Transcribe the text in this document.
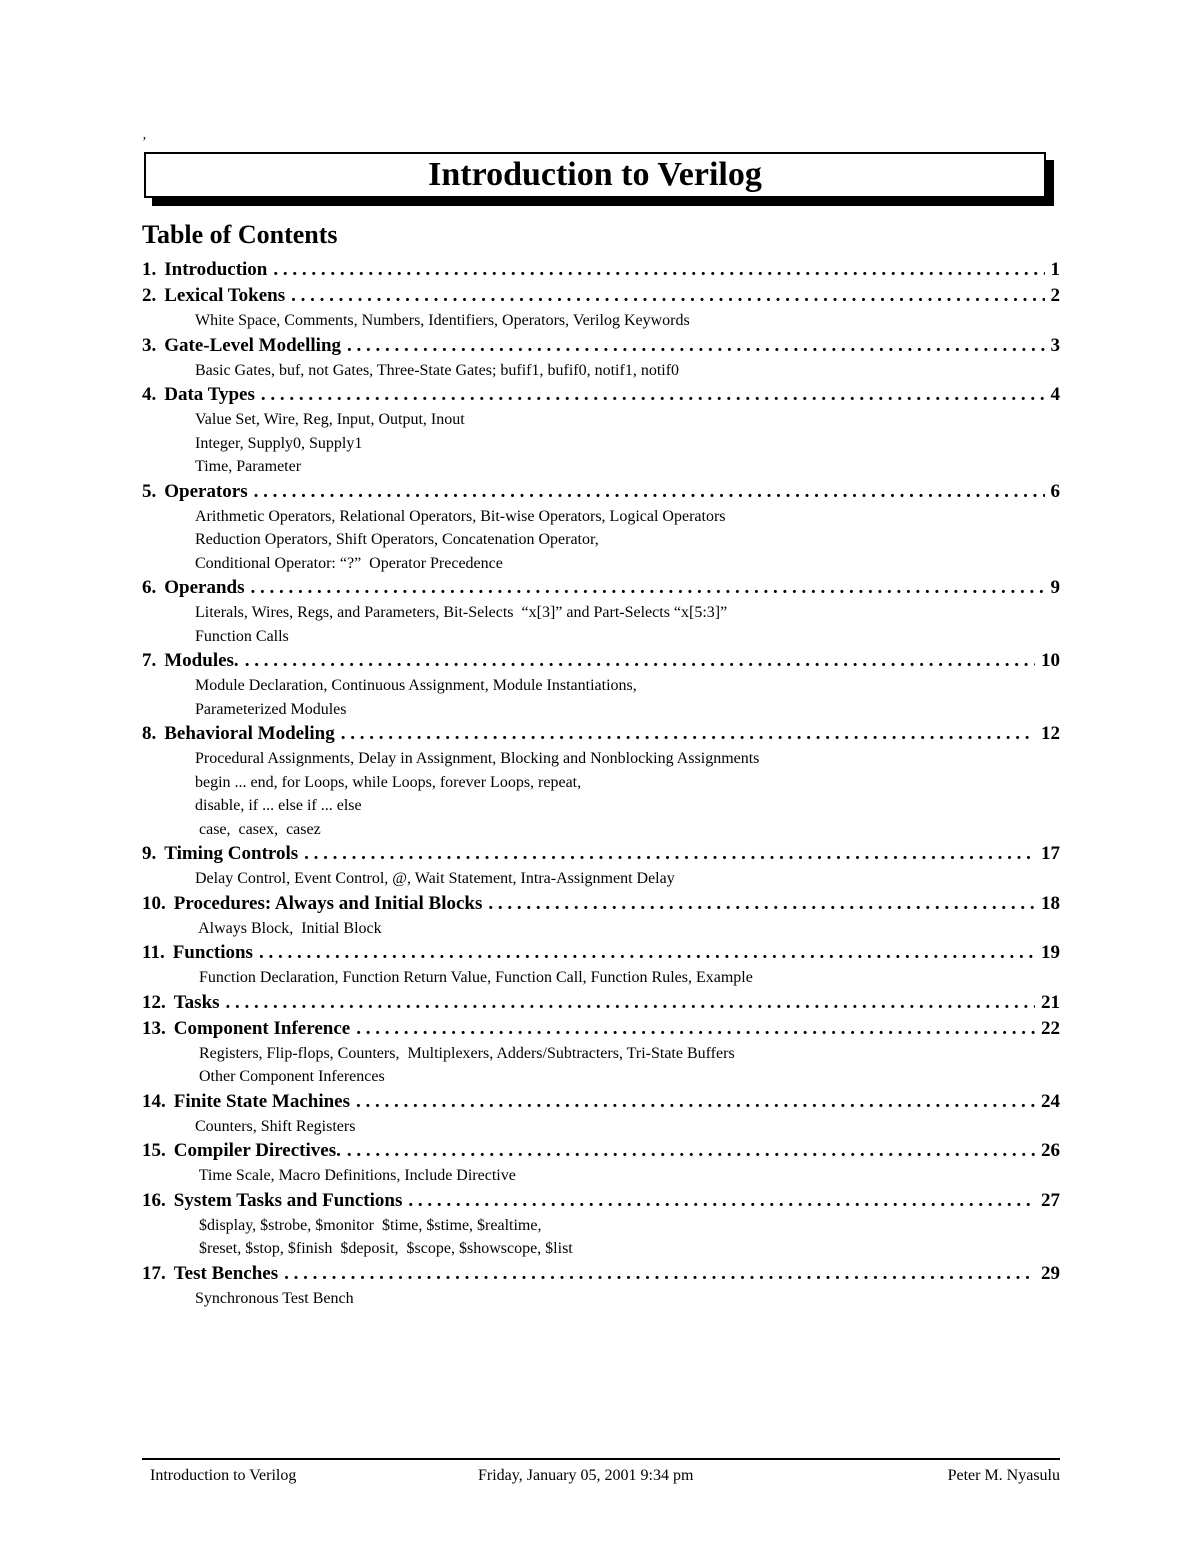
ʼ
Introduction to Verilog
Table of Contents
1. Introduction . . .	1
2. Lexical Tokens . . .	2
White Space, Comments, Numbers, Identifiers, Operators, Verilog Keywords
3. Gate-Level Modelling . . .	3
Basic Gates, buf, not Gates, Three-State Gates; bufif1, bufif0, notif1, notif0
4. Data Types . . .	4
Value Set, Wire, Reg, Input, Output, Inout
Integer, Supply0, Supply1
Time, Parameter
5. Operators . . .	6
Arithmetic Operators, Relational Operators, Bit-wise Operators, Logical Operators
Reduction Operators, Shift Operators, Concatenation Operator,
Conditional Operator: “?”  Operator Precedence
6. Operands . . .	9
Literals, Wires, Regs, and Parameters, Bit-Selects  “x[3]” and Part-Selects “x[5:3]”
Function Calls
7. Modules. . . .	10
Module Declaration, Continuous Assignment, Module Instantiations,
Parameterized Modules
8. Behavioral Modeling . . .	12
Procedural Assignments, Delay in Assignment, Blocking and Nonblocking Assignments
begin ... end, for Loops, while Loops, forever Loops, repeat,
disable, if ... else if ... else
case,  casex,  casez
9. Timing Controls . . .	17
Delay Control, Event Control, @, Wait Statement, Intra-Assignment Delay
10. Procedures: Always and Initial Blocks . . .	18
Always Block,  Initial Block
11. Functions . . .	19
Function Declaration, Function Return Value, Function Call, Function Rules, Example
12. Tasks . . .	21
13. Component Inference . . .	22
Registers, Flip-flops, Counters,  Multiplexers, Adders/Subtracters, Tri-State Buffers
Other Component Inferences
14. Finite State Machines . . .	24
Counters, Shift Registers
15. Compiler Directives. . . .	26
Time Scale, Macro Definitions, Include Directive
16. System Tasks and Functions . . .	27
$display, $strobe, $monitor  $time, $stime, $realtime,
$reset, $stop, $finish  $deposit,  $scope, $showscope, $list
17. Test Benches . . .	29
Synchronous Test Bench
Introduction to Verilog	Friday, January 05, 2001 9:34 pm	Peter M. Nyasulu
